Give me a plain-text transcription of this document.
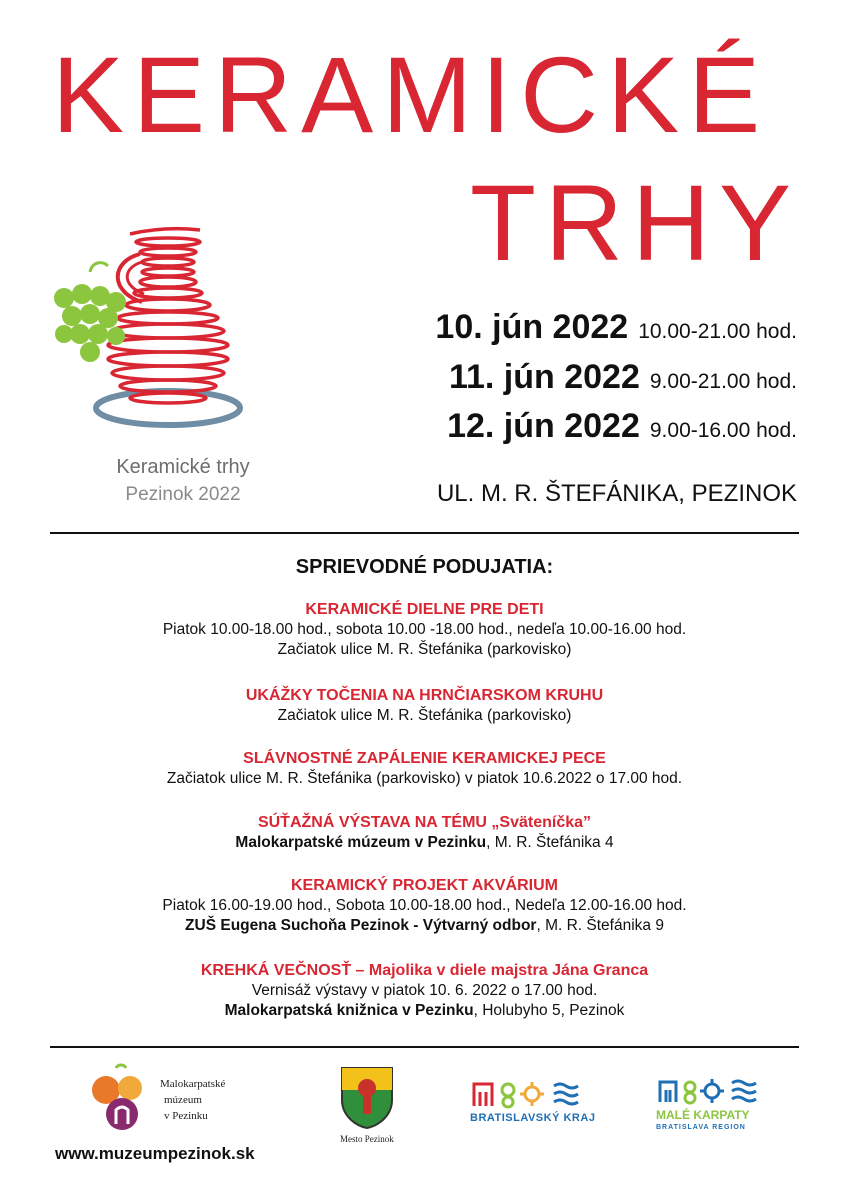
KERAMICKÉ
TRHY
Keramické trhy
Pezinok 2022
10. jún 2022 10.00-21.00 hod.
11. jún 2022 9.00-21.00 hod.
12. jún 2022 9.00-16.00 hod.
UL. M. R. ŠTEFÁNIKA, PEZINOK
SPRIEVODNÉ PODUJATIA:
KERAMICKÉ DIELNE PRE DETI
Piatok 10.00-18.00 hod., sobota 10.00 -18.00 hod., nedeľa 10.00-16.00 hod.
Začiatok ulice M. R. Štefánika (parkovisko)
UKÁŽKY TOČENIA NA HRNČIARSKOM KRUHU
Začiatok ulice M. R. Štefánika (parkovisko)
SLÁVNOSTNÉ ZAPÁLENIE KERAMICKEJ PECE
Začiatok ulice M. R. Štefánika (parkovisko) v piatok 10.6.2022 o 17.00 hod.
SÚŤAŽNÁ VÝSTAVA NA TÉMU „Sväteníčka”
Malokarpatské múzeum v Pezinku, M. R. Štefánika 4
KERAMICKÝ PROJEKT AKVÁRIUM
Piatok 16.00-19.00 hod., Sobota 10.00-18.00 hod., Nedeľa 12.00-16.00 hod.
ZUŠ Eugena Suchoňa Pezinok - Výtvarný odbor, M. R. Štefánika 9
KREHKÁ VEČNOSŤ – Majolika v diele majstra Jána Granca
Vernisáž výstavy v piatok 10. 6. 2022 o 17.00 hod.
Malokarpatská knižnica v Pezinku, Holubyho 5, Pezinok
Malokarpatské
múzeum
v Pezinku
Mesto Pezinok
BRATISLAVSKÝ KRAJ	MALÉ KARPATY
BRATISLAVA REGION
www.muzeumpezinok.sk
